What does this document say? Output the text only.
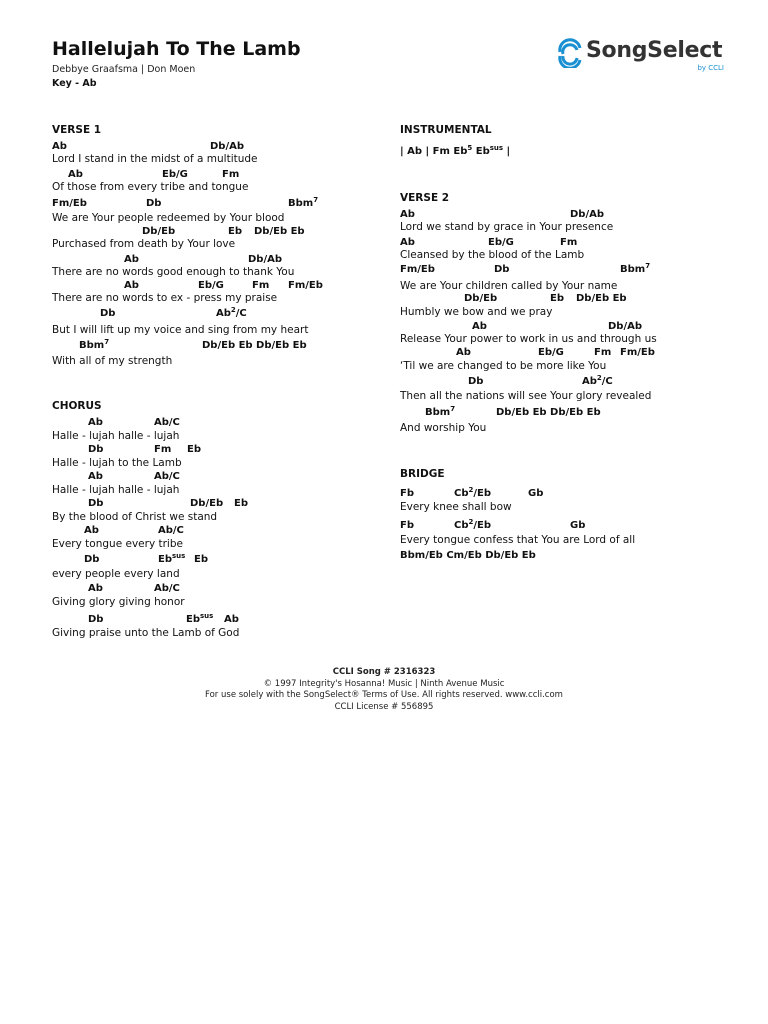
Hallelujah To The Lamb
Debbye Graafsma | Don Moen
Key - Ab
SongSelect
by CCLI
VERSE 1
Ab	Db/Ab
Lord I stand in the midst of a multitude
Ab	Eb/G	Fm
Of those from every tribe and tongue
Fm/Eb	Db	Bbm$^7$
We are Your people redeemed by Your blood
Db/Eb	Eb Db/Eb Eb
Purchased from death by Your love
Ab	Db/Ab
There are no words good enough to thank You
Ab	Eb/G	Fm Fm/Eb
There are no words to ex - press my praise
Db	Ab$^2$/C
But I will lift up my voice and sing from my heart
Bbm$^7$	Db/Eb Eb Db/Eb Eb
With all of my strength
CHORUS
Ab	Ab/C
Halle - lujah halle - lujah
Db	Fm Eb
Halle - lujah to the Lamb
Ab	Ab/C
Halle - lujah halle - lujah
Db	Db/Eb Eb
By the blood of Christ we stand
Ab	Ab/C
Every tongue every tribe
Db	$Eb^{sus}$ Eb
every people every land
Ab	Ab/C
Giving glory giving honor
Db	$Eb^{sus}$ Ab
Giving praise unto the Lamb of God
INSTRUMENTAL
| Ab | Fm Eb$^5$ $Eb^{sus}$ |
VERSE 2
Ab	Db/Ab
Lord we stand by grace in Your presence
Ab	Eb/G	Fm
Cleansed by the blood of the Lamb
Fm/Eb	Db	Bbm$^7$
We are Your children called by Your name
Db/Eb	Eb Db/Eb Eb
Humbly we bow and we pray
Ab	Db/Ab
Release Your power to work in us and through us
Ab	Eb/G	Fm Fm/Eb
‘Til we are changed to be more like You
Db	Ab$^2$/C
Then all the nations will see Your glory revealed
Bbm$^7$	Db/Eb Eb Db/Eb Eb
And worship You
BRIDGE
Fb	Cb$^2$/Eb	Gb
Every knee shall bow
Fb	Cb$^2$/Eb	Gb
Every tongue confess that You are Lord of all
Bbm/Eb Cm/Eb Db/Eb Eb
CCLI Song # 2316323
© 1997 Integrity's Hosanna! Music | Ninth Avenue Music
For use solely with the SongSelect® Terms of Use. All rights reserved. www.ccli.com
CCLI License # 556895
